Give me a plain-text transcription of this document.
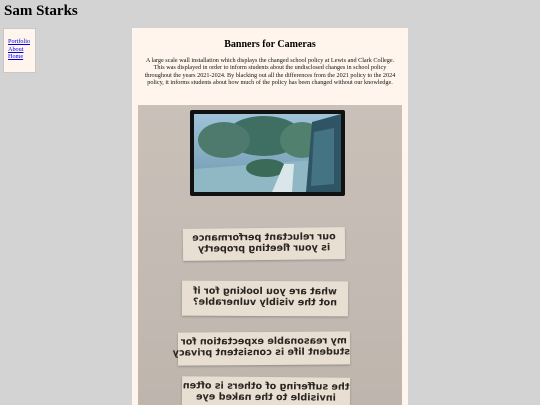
Sam Starks
Portfolio
About
Home
Banners for Cameras

A large scale wall installation which displays the changed school policy at Lewis and Clark College. This was displayed in order to inform students about the undisclosed changes in school policy throughout the years 2021-2024. By blacking out all the differences from the 2021 policy to the 2024 policy, it informs students about how much of the policy has been changed without our knowledge.

our reluctant performance
is your fleeting property
what are you looking for if
not the visibly vulnerable?
my reasonable expectation for
student life is consistent privacy
the suffering of others is often
invisible to the naked eye
